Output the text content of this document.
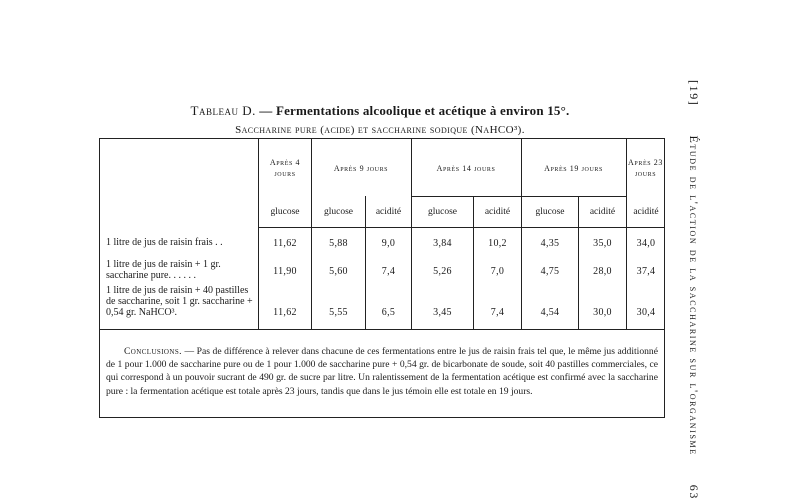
Tableau D. — Fermentations alcoolique et acétique à environ 15°.
Saccharine pure (acide) et saccharine sodique (NaHCO³).
Après 4 jours
Après 9 jours	Après 14 jours	Après 19 jours
Après 23 jours
glucose	glucose	acidité	glucose	acidité	glucose	acidité	acidité
1 litre de jus de raisin frais . .	11,62	5,88	9,0	3,84	10,2	4,35	35,0	34,0
1 litre de jus de raisin + 1 gr. saccharine pure. . . . . .	11,90	5,60	7,4	5,26	7,0	4,75	28,0	37,4
1 litre de jus de raisin + 40 pastilles de saccharine, soit 1 gr. saccharine + 0,54 gr. NaHCO³.	11,62	5,55	6,5	3,45	7,4	4,54	30,0	30,4
Conclusions. — Pas de différence à relever dans chacune de ces fermentations entre le jus de raisin frais tel que, le même jus additionné de 1 pour 1.000 de saccharine pure ou de 1 pour 1.000 de saccharine pure + 0,54 gr. de bicarbonate de soude, soit 40 pastilles commerciales, ce qui correspond à un pouvoir sucrant de 490 gr. de sucre par litre. Un ralentissement de la fermentation acétique est confirmé avec la saccharine pure : la fermentation acétique est totale après 23 jours, tandis que dans le jus témoin elle est totale en 19 jours.
[19]
Étude de l'action de la saccharine sur l'organisme
63
